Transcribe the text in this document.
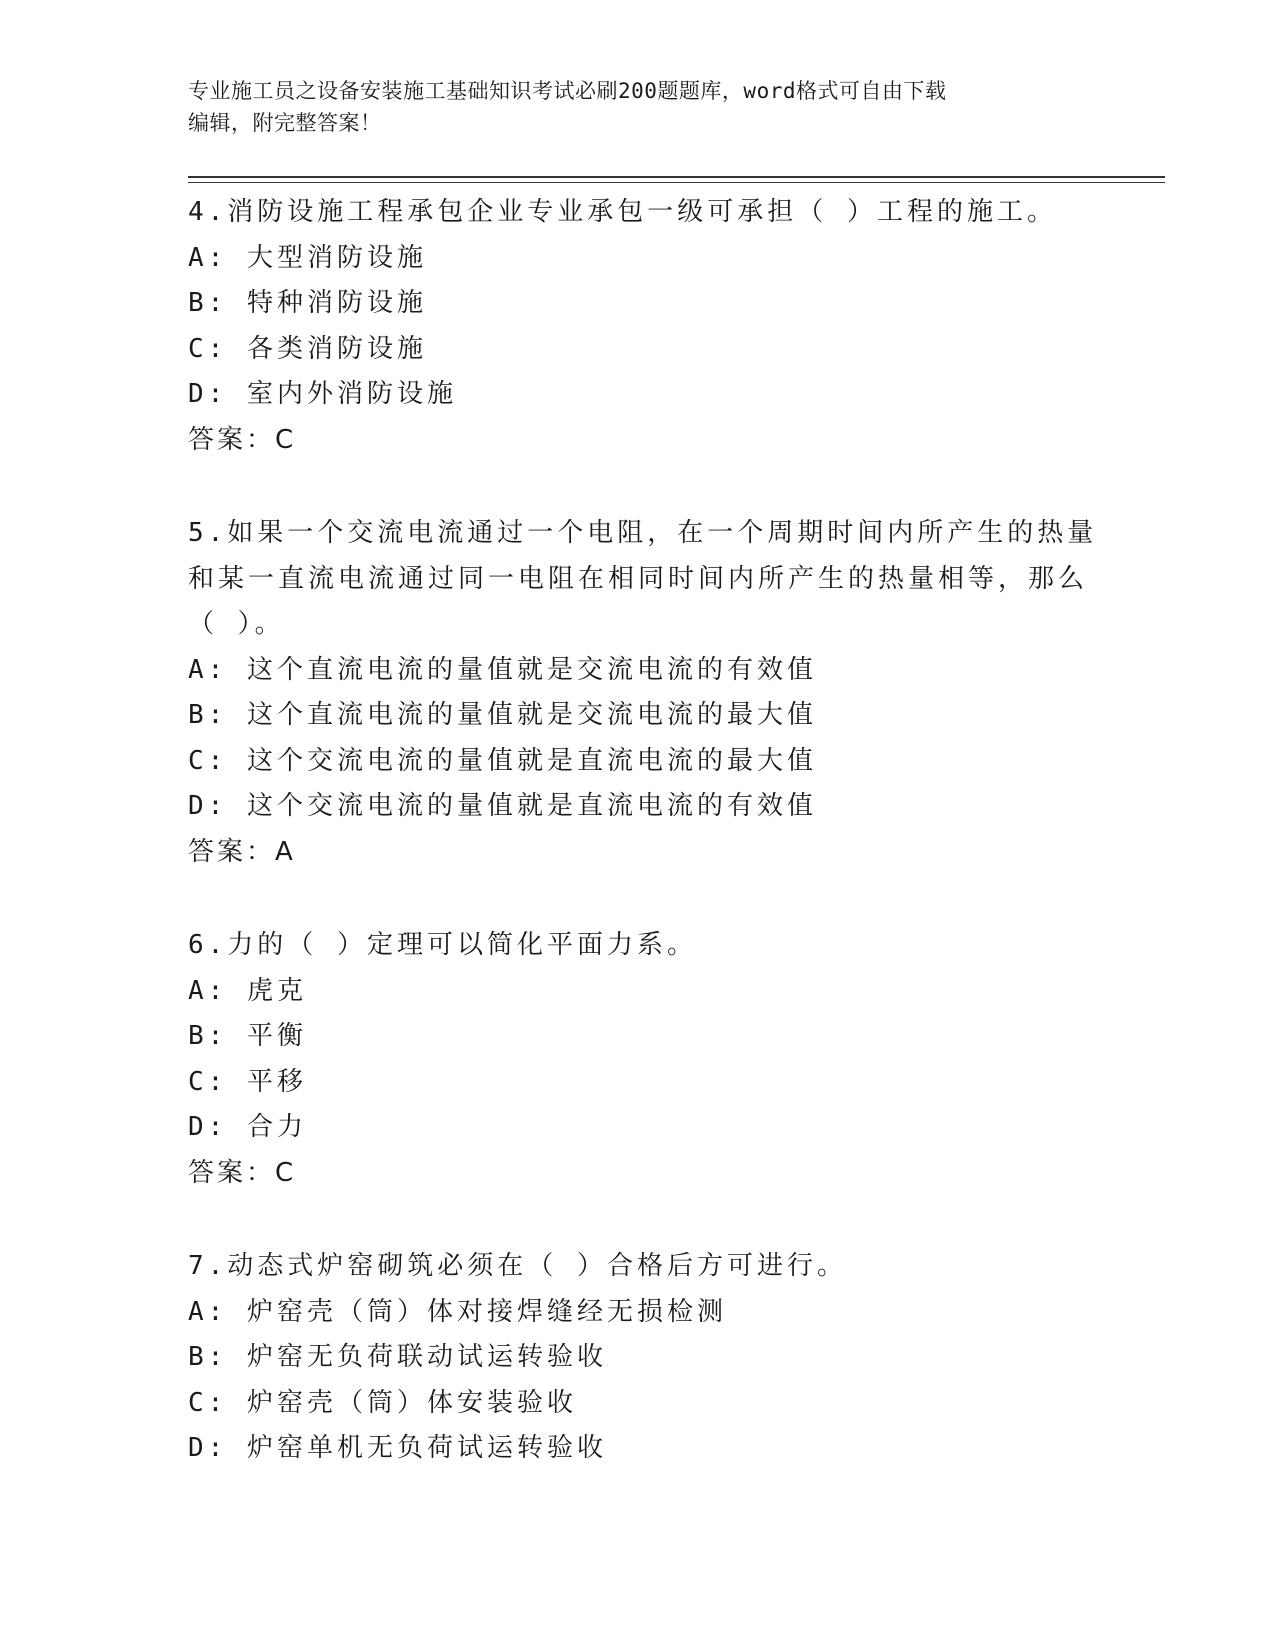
专业施工员之设备安装施工基础知识考试必刷200题题库，word格式可自由下载
编辑，附完整答案！
4.消防设施工程承包企业专业承包一级可承担（ ）工程的施工。
A: 大型消防设施
B: 特种消防设施
C: 各类消防设施
D: 室内外消防设施
答案：C
5.如果一个交流电流通过一个电阻，在一个周期时间内所产生的热量
和某一直流电流通过同一电阻在相同时间内所产生的热量相等，那么
（ ）。
A: 这个直流电流的量值就是交流电流的有效值
B: 这个直流电流的量值就是交流电流的最大值
C: 这个交流电流的量值就是直流电流的最大值
D: 这个交流电流的量值就是直流电流的有效值
答案：A
6.力的（ ）定理可以简化平面力系。
A: 虎克
B: 平衡
C: 平移
D: 合力
答案：C
7.动态式炉窑砌筑必须在（ ）合格后方可进行。
A: 炉窑壳（筒）体对接焊缝经无损检测
B: 炉窑无负荷联动试运转验收
C: 炉窑壳（筒）体安装验收
D: 炉窑单机无负荷试运转验收
